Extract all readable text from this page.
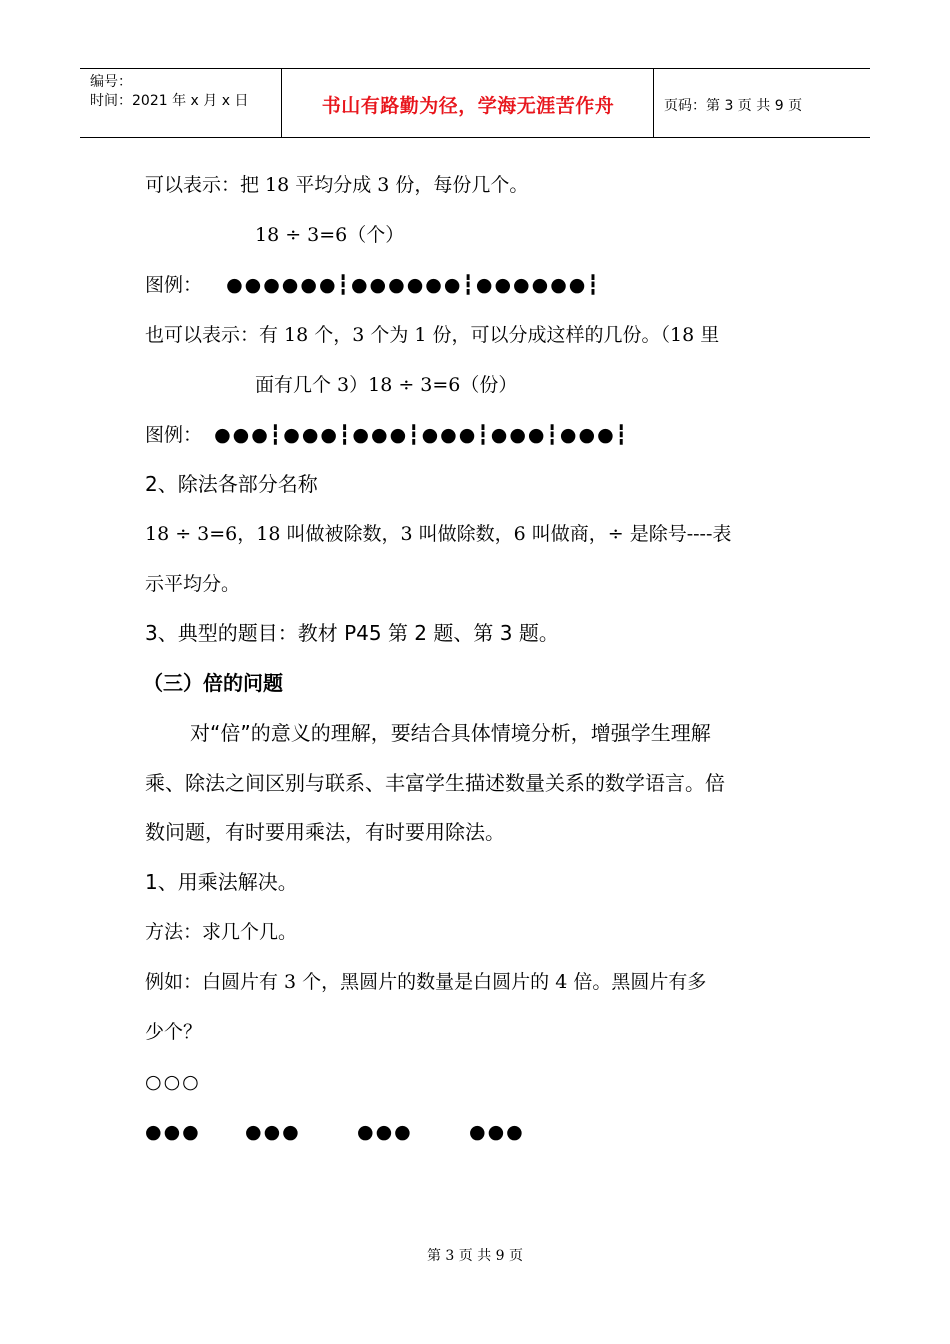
编号：
时间：2021 年 x 月 x 日	书山有路勤为径，学海无涯苦作舟	页码：第 3 页 共 9 页
可以表示：把 18 平均分成 3 份，每份几个。
18 ÷ 3=6（个）
图例： ●●●●●●┇●●●●●●┇●●●●●●┇
也可以表示：有 18 个，3 个为 1 份，可以分成这样的几份。（18 里
面有几个 3）18 ÷ 3=6（份）
图例： ●●●┇●●●┇●●●┇●●●┇●●●┇●●●┇
2、除法各部分名称
18 ÷ 3=6，18 叫做被除数，3 叫做除数，6 叫做商，÷ 是除号----表
示平均分。
3、典型的题目：教材 P45 第 2 题、第 3 题。
（三）倍的问题
对“倍”的意义的理解，要结合具体情境分析，增强学生理解
乘、除法之间区别与联系、丰富学生描述数量关系的数学语言。倍
数问题，有时要用乘法，有时要用除法。
1、用乘法解决。
方法：求几个几。
例如：白圆片有 3 个，黑圆片的数量是白圆片的 4 倍。黑圆片有多
少个？
○○○
●●● ●●●	●●●	●●●
第 3 页 共 9 页
